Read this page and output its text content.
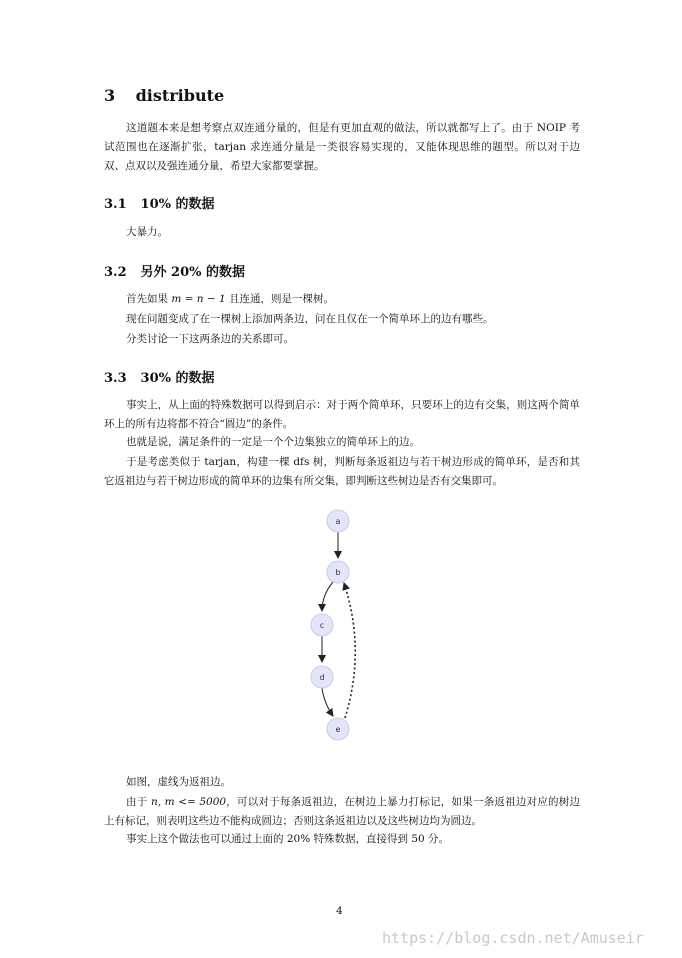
3 distribute
这道题本来是想考察点双连通分量的，但是有更加直观的做法，所以就都写上了。由于 NOIP 考试范围也在逐渐扩张，tarjan 求连通分量是一类很容易实现的，又能体现思维的题型。所以对于边双、点双以及强连通分量，希望大家都要掌握。
3.1 10% 的数据
大暴力。
3.2 另外 20% 的数据
首先如果 m = n − 1 且连通，则是一棵树。
现在问题变成了在一棵树上添加两条边，问在且仅在一个简单环上的边有哪些。
分类讨论一下这两条边的关系即可。
3.3 30% 的数据
事实上，从上面的特殊数据可以得到启示：对于两个简单环，只要环上的边有交集，则这两个简单环上的所有边将都不符合“圆边”的条件。
也就是说，满足条件的一定是一个个边集独立的简单环上的边。
于是考虑类似于 tarjan，构建一棵 dfs 树，判断每条返祖边与若干树边形成的简单环，是否和其它返祖边与若干树边形成的简单环的边集有所交集，即判断这些树边是否有交集即可。
a
b
c
d
e
如图，虚线为返祖边。
由于 n, m <= 5000，可以对于每条返祖边，在树边上暴力打标记，如果一条返祖边对应的树边上有标记，则表明这些边不能构成圆边；否则这条返祖边以及这些树边均为圆边。
事实上这个做法也可以通过上面的 20% 特殊数据，直接得到 50 分。
4
https://blog.csdn.net/Amuseir
